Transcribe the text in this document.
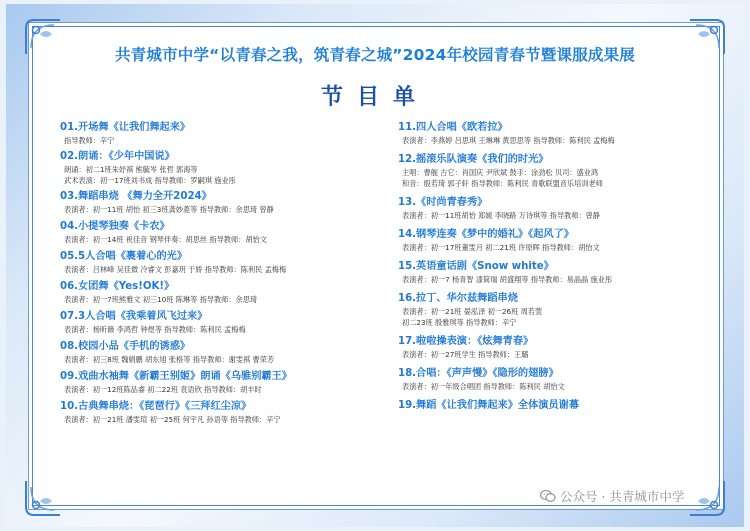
共青城市中学“以青春之我，筑青春之城”2024年校园青春节暨课服成果展
节目单
01.开场舞《让我们舞起来》
指导教师：辛宁
02.朗诵：《少年中国说》
朗诵：初二1班朱妤祺 熊毓岑 张哲 郭海等
武术表演：初一17班刘书成 指导教师：罗嗣琪 施业彤
03.舞蹈串烧 《舞力全开2024》
表演者：初一11班 胡怡 初三3班龚妙菱等 指导教师：余思琦 曾静
04.小提琴独奏《卡农》
表演者：初一14班 祝佳音 钢琴伴奏：胡思丝 指导教师：胡怡文
05.5人合唱《裹着心的光》
表演者：吕林峰 吴佳微 冷睿文 彭嘉玥 于娇 指导教师：陈利民 孟梅梅
06.女团舞《Yes!OK!》
表演者：初一7班熊雅文 初三10班 陈琳等 指导教师：余思琦
07.3人合唱《我乘着风飞过来》
表演者：杨昕薇 李鸿哲 钟煜等 指导教师：陈利民 孟梅梅
08.校园小品《手机的诱惑》
表演者：初三8班 魏娟鹏 胡东旭 张格等 指导教师：谢雯祺 曹荣芳
09.戏曲水袖舞《新霸王别姬》朗诵《乌骓别霸王》
表演者：初一12班陈品睿 初二22班 袁语欣 指导教师：胡丰时
10.古典舞串烧：《琵琶行》《三拜红尘凉》
表演者：初一21班 潘雯瑄 初一25班 何宇凡 孙语等 指导教师：辛宁
11.四人合唱《欧若拉》
表演者：李燕婷 吕思琪 王琳琳 黄思思等 指导教师：陈利民 孟梅梅
12.摇滚乐队演奏《我们的时光》
主唱：曹舰 古它：肖国庆 尹欣斌 鼓手：涂劲松 贝司：盛业鸿
和音：殷若琦 郭子轩 指导教师：陈利民 青歌联盟音乐培训老师
13.《时尚青春秀》
表演者：初一11班胡怡 郑媛 李晓路 万诗琪等 指导教师：曾静
14.钢琴连奏《梦中的婚礼》《起风了》
表演者：初一17班董雯月 初二21班 许原晖 指导教师：胡怡文
15.英语童话剧《Snow white》
表演者：初一7 杨青智 漆简瑞 胡盛翔等 指导教师：易晶晶 施业彤
16.拉丁、华尔兹舞蹈串烧
表演者：初一21班 晏泓泽 初一26班 周若萱
初二23班 殷雅琪等 指导教师：辛宁
17.啦啦操表演：《炫舞青春》
表演者：初一27班学生 指导教师：王璐
18.合唱：《声声慢》《隐形的翅膀》
表演者：初一年级合唱团 指导教师：陈利民 胡怡文
19.舞蹈《让我们舞起来》全体演员谢幕
公众号 · 共青城市中学
